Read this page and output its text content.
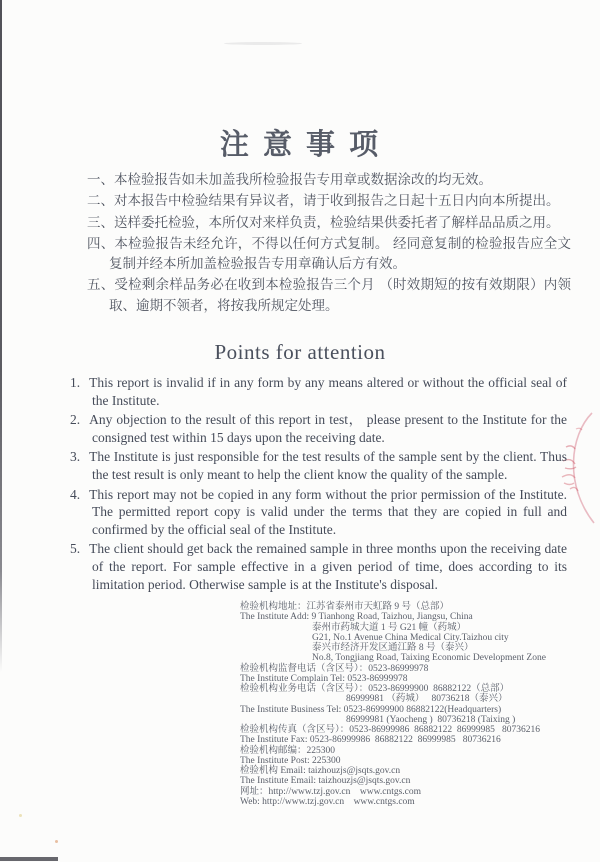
注 意 事 项
一、本检验报告如未加盖我所检验报告专用章或数据涂改的均无效。
二、对本报告中检验结果有异议者，请于收到报告之日起十五日内向本所提出。
三、送样委托检验，本所仅对来样负责，检验结果供委托者了解样品品质之用。
四、本检验报告未经允许，不得以任何方式复制。 经同意复制的检验报告应全文复制并经本所加盖检验报告专用章确认后方有效。
五、受检剩余样品务必在收到本检验报告三个月 （时效期短的按有效期限）内领取、逾期不领者，将按我所规定处理。
Points for attention
1. This report is invalid if in any form by any means altered or without the official seal of the Institute.
2. Any objection to the result of this report in test， please present to the Institute for the consigned test within 15 days upon the receiving date.
3. The Institute is just responsible for the test results of the sample sent by the client. Thus the test result is only meant to help the client know the quality of the sample.
4. This report may not be copied in any form without the prior permission of the Institute. The permitted report copy is valid under the terms that they are copied in full and confirmed by the official seal of the Institute.
5. The client should get back the remained sample in three months upon the receiving date of the report. For sample effective in a given period of time, does according to its limitation period. Otherwise sample is at the Institute's disposal.
检验机构地址：江苏省泰州市天虹路 9 号（总部）
The Institute Add: 9 Tianhong Road, Taizhou, Jiangsu, China
泰州市药城大道 1 号 G21 幢（药城）
G21, No.1 Avenue China Medical City.Taizhou city
泰兴市经济开发区通江路 8 号（泰兴）
No.8, Tongjiang Road, Taixing Economic Development Zone
检验机构监督电话（含区号）：0523-86999978
The Institute Complain Tel: 0523-86999978
检验机构业务电话（含区号）：0523-86999900  86882122（总部）
86999981 （药城）   80736218（泰兴）
The Institute Business Tel: 0523-86999900 86882122(Headquarters)
86999981 (Yaocheng )  80736218 (Taixing )
检验机构传真（含区号）：0523-86999986  86882122  86999985   80736216
The Institute Fax: 0523-86999986  86882122  86999985   80736216
检验机构邮编：225300
The Institute Post: 225300
检验机构 Email: taizhouzjs@jsqts.gov.cn
The Institute Email: taizhouzjs@jsqts.gov.cn
网址：http://www.tzj.gov.cn    www.cntgs.com
Web: http://www.tzj.gov.cn    www.cntgs.com
